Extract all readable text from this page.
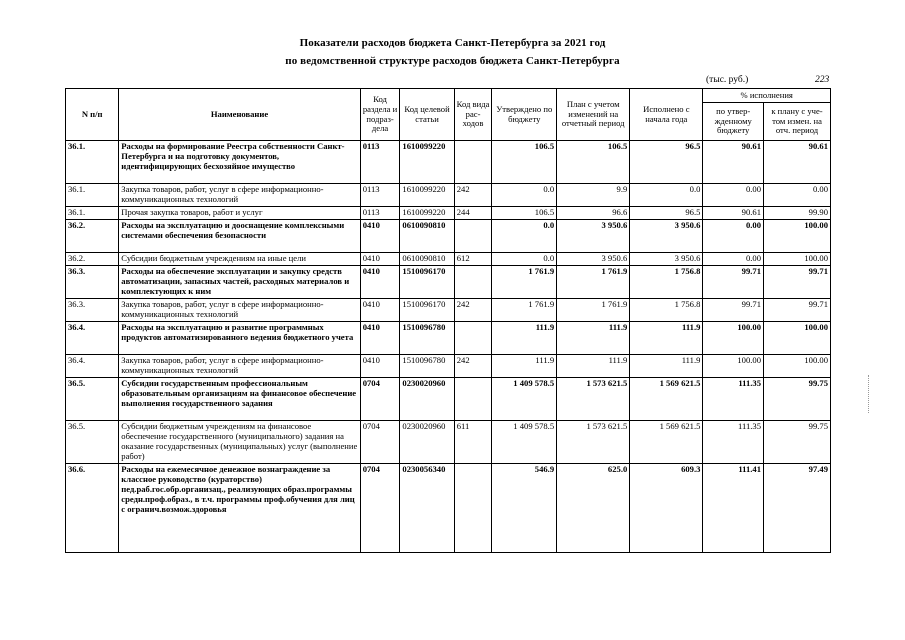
Показатели расходов бюджета Санкт-Петербурга за 2021 год
по ведомственной структуре расходов бюджета Санкт-Петербурга
(тыс. руб.)	223
N п/п	Наименование	Код раздела и подраз-дела	Код целевой статьи	Код вида рас-ходов	Утверждено по бюджету	План с учетом изменений на отчетный период	Исполнено с начала года	% исполнения	
								по утвер-жденному бюджету	к плану с уче-том измен. на отч. период
36.1.	Расходы на формирование Реестра собственности Санкт-Петербурга и на подготовку документов, идентифицирующих бесхозяйное имущество	0113	1610099220		106.5	106.5	96.5	90.61	90.61
36.1.	Закупка товаров, работ, услуг в сфере информационно-коммуникационных технологий	0113	1610099220	242	0.0	9.9	0.0	0.00	0.00
36.1.	Прочая закупка товаров, работ и услуг	0113	1610099220	244	106.5	96.6	96.5	90.61	99.90
36.2.	Расходы на эксплуатацию и дооснащение комплексными системами обеспечения безопасности	0410	0610090810		0.0	3 950.6	3 950.6	0.00	100.00
36.2.	Субсидии бюджетным учреждениям на иные цели	0410	0610090810	612	0.0	3 950.6	3 950.6	0.00	100.00
36.3.	Расходы на обеспечение эксплуатации и закупку средств автоматизации, запасных частей, расходных материалов и комплектующих к ним	0410	1510096170		1 761.9	1 761.9	1 756.8	99.71	99.71
36.3.	Закупка товаров, работ, услуг в сфере информационно-коммуникационных технологий	0410	1510096170	242	1 761.9	1 761.9	1 756.8	99.71	99.71
36.4.	Расходы на эксплуатацию и развитие программных продуктов автоматизированного ведения бюджетного учета	0410	1510096780		111.9	111.9	111.9	100.00	100.00
36.4.	Закупка товаров, работ, услуг в сфере информационно-коммуникационных технологий	0410	1510096780	242	111.9	111.9	111.9	100.00	100.00
36.5.	Субсидии государственным профессиональным образовательным организациям на финансовое обеспечение выполнения государственного задания	0704	0230020960		1 409 578.5	1 573 621.5	1 569 621.5	111.35	99.75
36.5.	Субсидии бюджетным учреждениям на финансовое обеспечение государственного (муниципального) задания на оказание государственных (муниципальных) услуг (выполнение работ)	0704	0230020960	611	1 409 578.5	1 573 621.5	1 569 621.5	111.35	99.75
36.6.	Расходы на ежемесячное денежное вознаграждение за классное руководство (кураторство) пед.раб.гос.обр.организац., реализующих образ.программы средн.проф.образ., в т.ч. программы проф.обучения для лиц с огранич.возмож.здоровья	0704	0230056340		546.9	625.0	609.3	111.41	97.49
